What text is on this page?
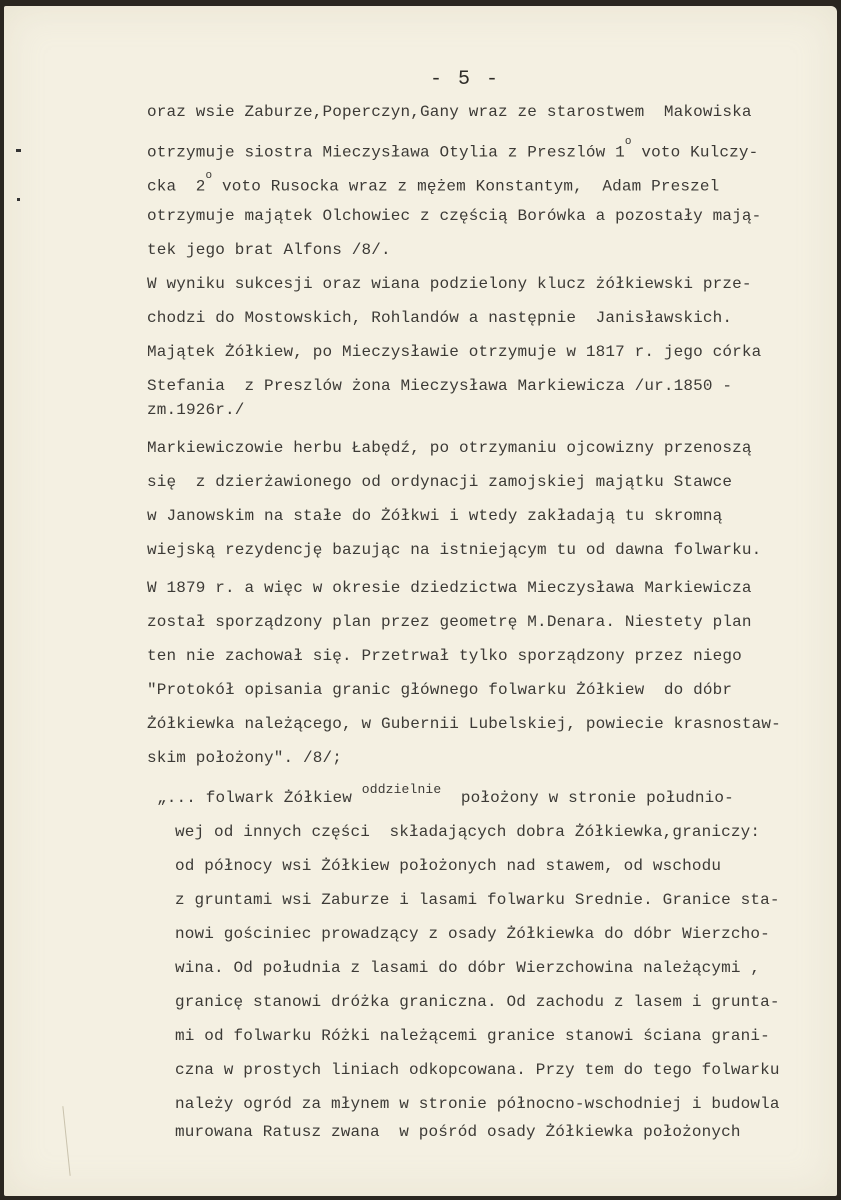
- 5 -
oraz wsie Zaburze,Poperczyn,Gany wraz ze starostwem  Makowiska
otrzymuje siostra Mieczysława Otylia z Preszlów 1$^o$ voto Kulczy-
cka  2$^o$ voto Rusocka wraz z mężem Konstantym,  Adam Preszel
otrzymuje majątek Olchowiec z częścią Borówka a pozostały mają-
tek jego brat Alfons /8/.
W wyniku sukcesji oraz wiana podzielony klucz żółkiewski prze-
chodzi do Mostowskich, Rohlandów a następnie  Janisławskich.
Majątek Żółkiew, po Mieczysławie otrzymuje w 1817 r. jego córka
Stefania  z Preszlów żona Mieczysława Markiewicza /ur.1850 -
zm.1926r./
Markiewiczowie herbu Łabędź, po otrzymaniu ojcowizny przenoszą
się  z dzierżawionego od ordynacji zamojskiej majątku Stawce
w Janowskim na stałe do Żółkwi i wtedy zakładają tu skromną
wiejską rezydencję bazując na istniejącym tu od dawna folwarku.
W 1879 r. a więc w okresie dziedzictwa Mieczysława Markiewicza
został sporządzony plan przez geometrę M.Denara. Niestety plan
ten nie zachował się. Przetrwał tylko sporządzony przez niego
"Protokół opisania granic głównego folwarku Żółkiew  do dóbr
Żółkiewka należącego, w Gubernii Lubelskiej, powiecie krasnostaw-
skim położony". /8/;
„... folwark Żółkiew $^{oddzielnie}$  położony w stronie południo-
wej od innych części  składających dobra Żółkiewka,graniczy:
od północy wsi Żółkiew położonych nad stawem, od wschodu
z gruntami wsi Zaburze i lasami folwarku Srednie. Granice sta-
nowi gościniec prowadzący z osady Żółkiewka do dóbr Wierzcho-
wina. Od południa z lasami do dóbr Wierzchowina należącymi ,
granicę stanowi dróżka graniczna. Od zachodu z lasem i grunta-
mi od folwarku Różki należącemi granice stanowi ściana grani-
czna w prostych liniach odkopcowana. Przy tem do tego folwarku
należy ogród za młynem w stronie północno-wschodniej i budowla
murowana Ratusz zwana  w pośród osady Żółkiewka położonych
